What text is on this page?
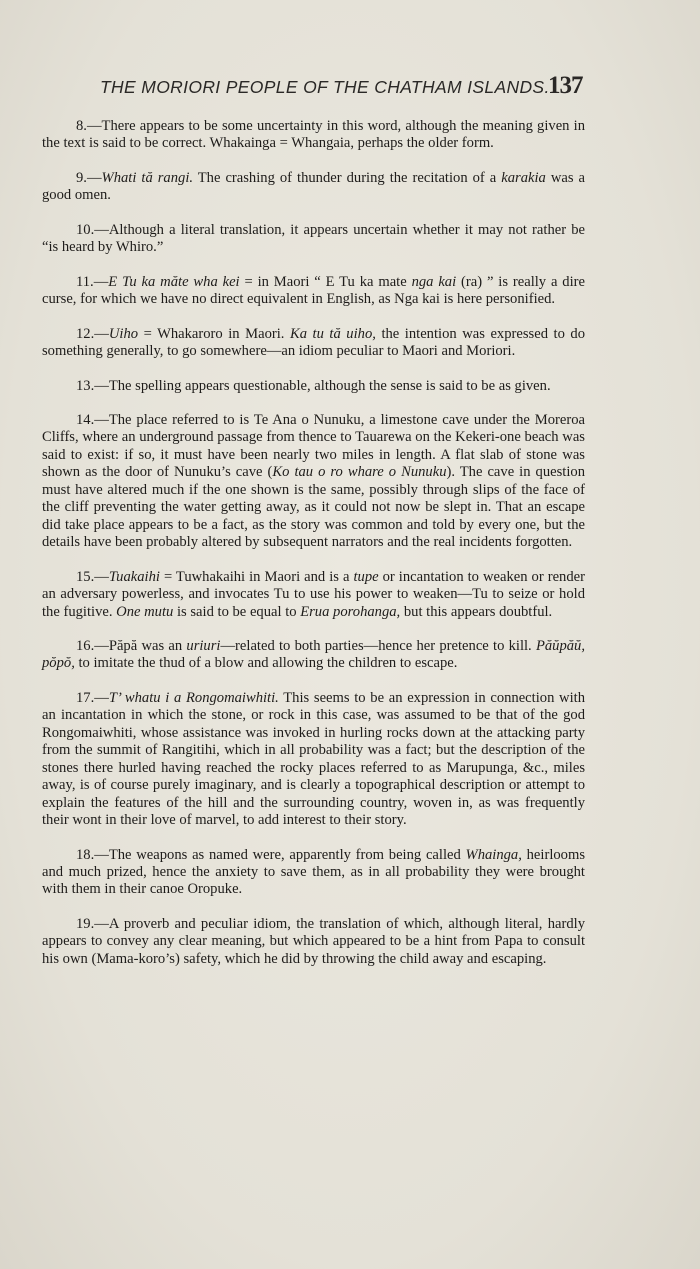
THE MORIORI PEOPLE OF THE CHATHAM ISLANDS.
137

8.—There appears to be some uncertainty in this word, although the meaning given in the text is said to be correct. Whakainga = Whangaia, perhaps the older form.

9.—Whati tă rangi. The crashing of thunder during the recitation of a karakia was a good omen.

10.—Although a literal translation, it appears uncertain whether it may not rather be “is heard by Whiro.”

11.—E Tu ka măte wha kei = in Maori “ E Tu ka mate nga kai (ra) ” is really a dire curse, for which we have no direct equivalent in English, as Nga kai is here personified.

12.—Uiho = Whakaroro in Maori. Ka tu tă uiho, the intention was expressed to do something generally, to go somewhere—an idiom peculiar to Maori and Moriori.

13.—The spelling appears questionable, although the sense is said to be as given.

14.—The place referred to is Te Ana o Nunuku, a limestone cave under the Moreroa Cliffs, where an underground passage from thence to Tauarewa on the Kekeri-one beach was said to exist: if so, it must have been nearly two miles in length. A flat slab of stone was shown as the door of Nunuku’s cave (Ko tau o ro whare o Nunuku). The cave in question must have altered much if the one shown is the same, possibly through slips of the face of the cliff preventing the water getting away, as it could not now be slept in. That an escape did take place appears to be a fact, as the story was common and told by every one, but the details have been probably altered by subsequent narrators and the real incidents forgotten.

15.—Tuakaihi = Tuwhakaihi in Maori and is a tupe or incantation to weaken or render an adversary powerless, and invocates Tu to use his power to weaken—Tu to seize or hold the fugitive. One mutu is said to be equal to Erua porohanga, but this appears doubtful.

16.—Păpă was an uriuri—related to both parties—hence her pretence to kill. Păŭpăŭ, pŏpŏ, to imitate the thud of a blow and allowing the children to escape.

17.—T’ whatu i a Rongomaiwhiti. This seems to be an expression in connection with an incantation in which the stone, or rock in this case, was assumed to be that of the god Rongomaiwhiti, whose assistance was invoked in hurling rocks down at the attacking party from the summit of Rangitihi, which in all probability was a fact; but the description of the stones there hurled having reached the rocky places referred to as Marupunga, &c., miles away, is of course purely imaginary, and is clearly a topographical description or attempt to explain the features of the hill and the surrounding country, woven in, as was frequently their wont in their love of marvel, to add interest to their story.

18.—The weapons as named were, apparently from being called Whainga, heirlooms and much prized, hence the anxiety to save them, as in all probability they were brought with them in their canoe Oropuke.

19.—A proverb and peculiar idiom, the translation of which, although literal, hardly appears to convey any clear meaning, but which appeared to be a hint from Papa to consult his own (Mama-koro’s) safety, which he did by throwing the child away and escaping.
